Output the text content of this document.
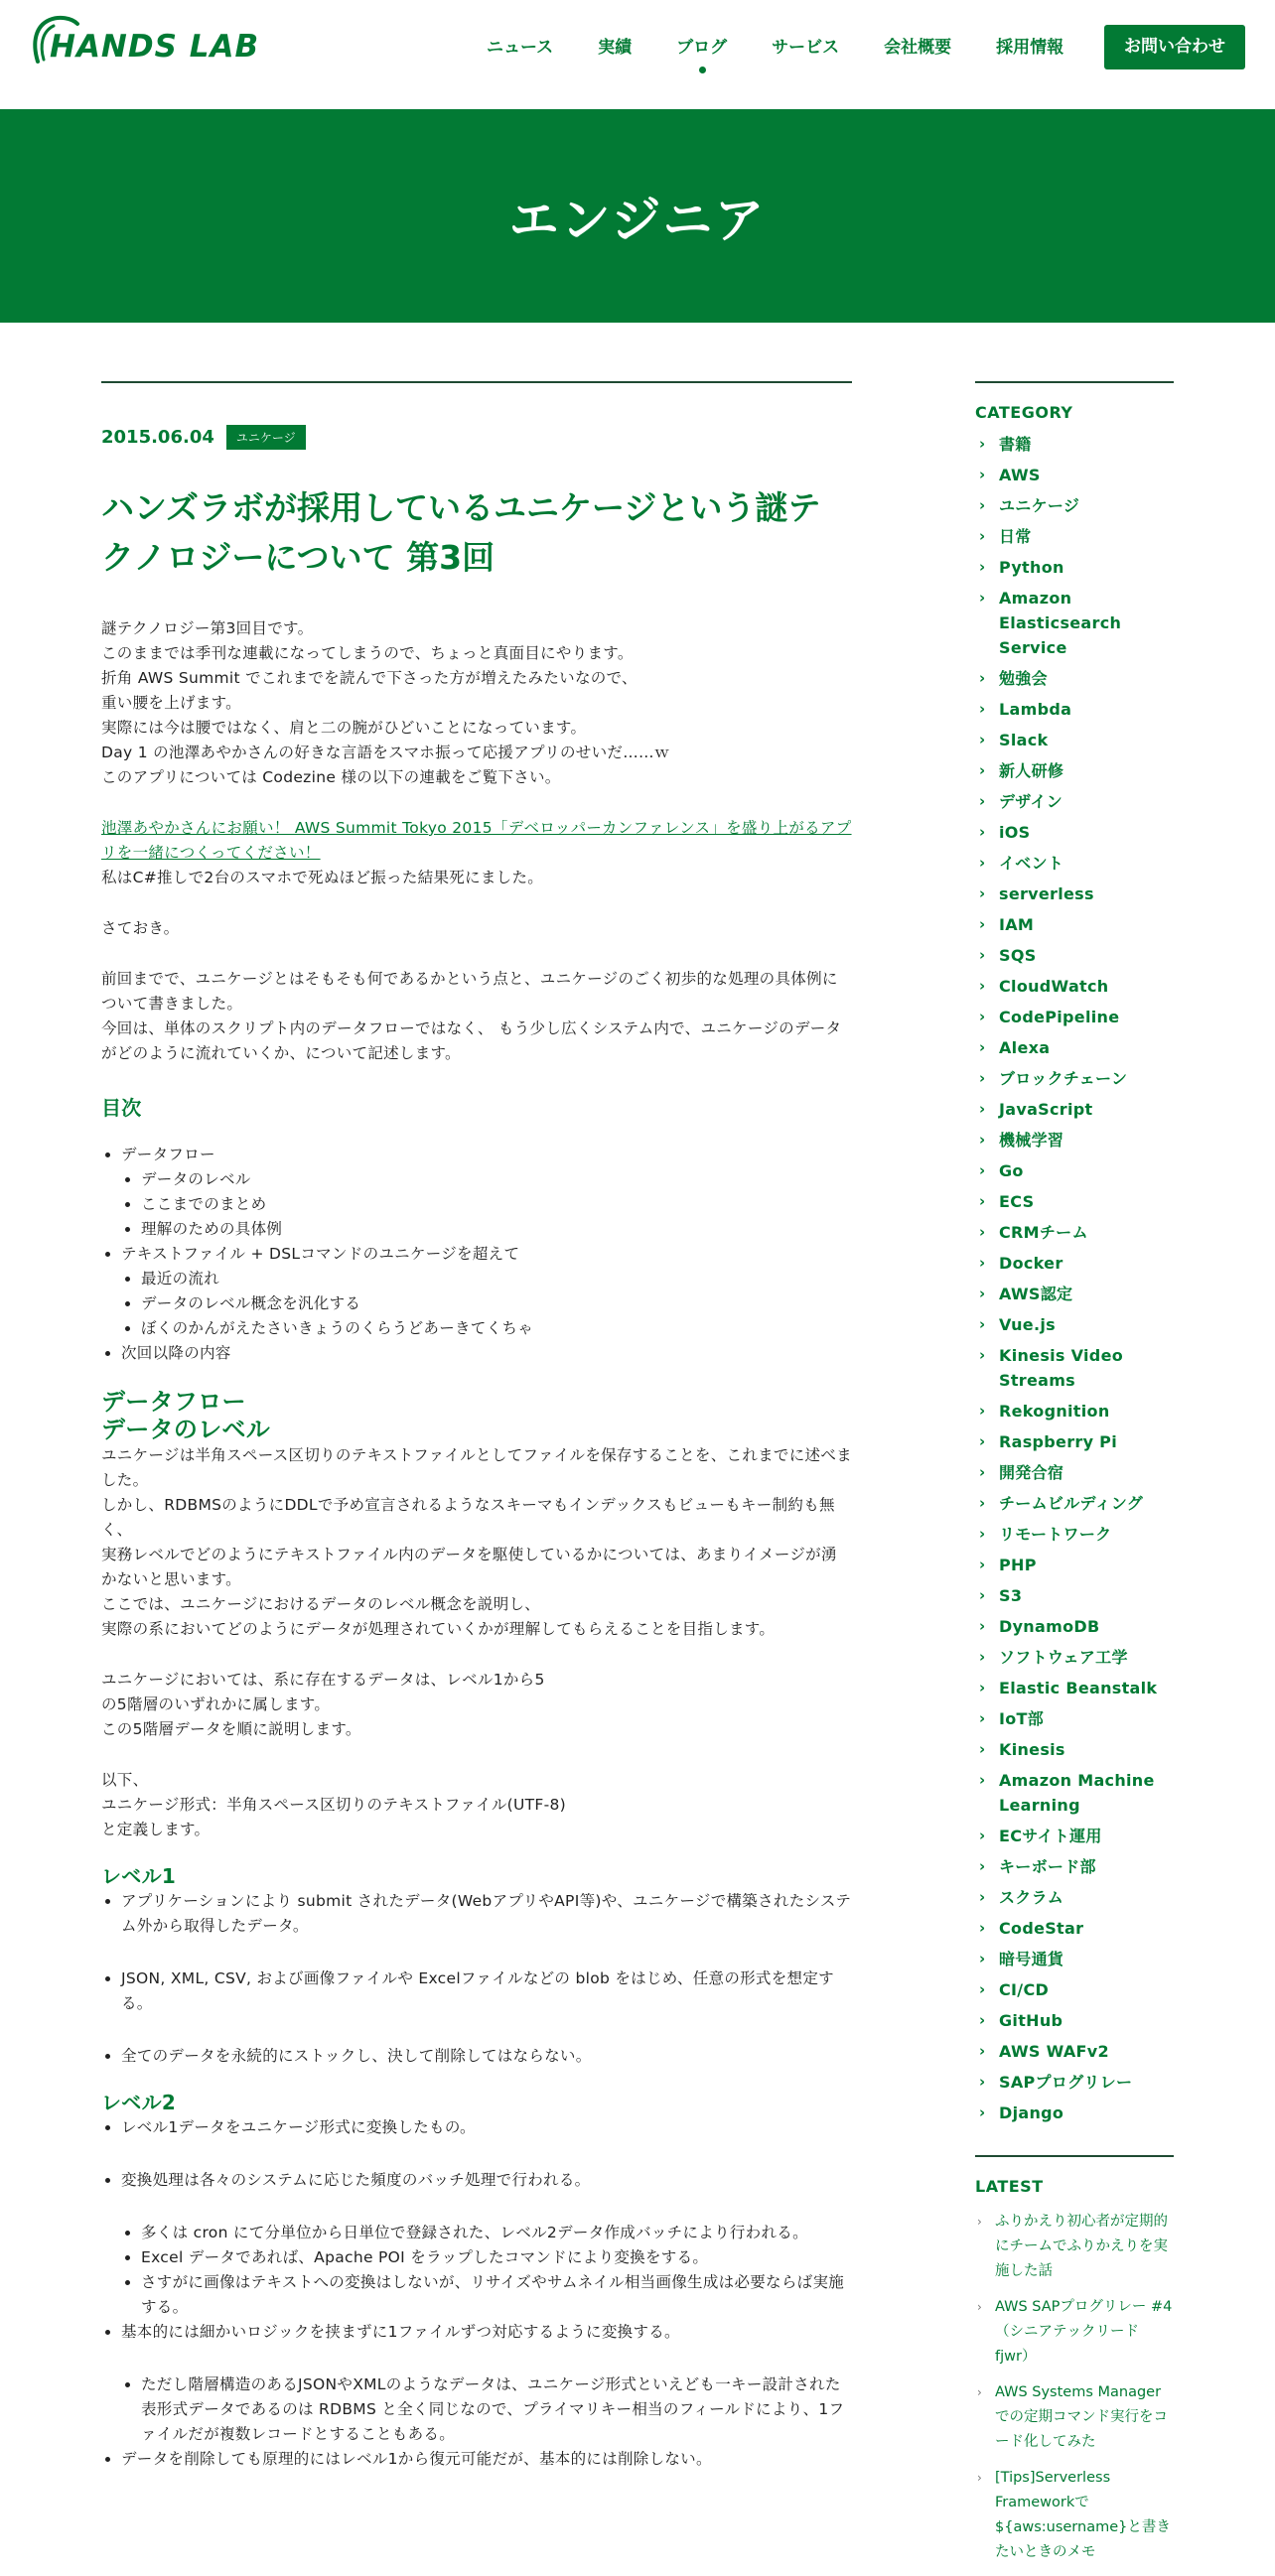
HANDS LAB	ニュース	実績	ブログ	サービス	会社概要	採用情報	お問い合わせ
エンジニア
2015.06.04	ユニケージ
ハンズラボが採用しているユニケージという謎テクノロジーについて 第3回
謎テクノロジー第3回目です。
このままでは季刊な連載になってしまうので、ちょっと真面目にやります。
折角 AWS Summit でこれまでを読んで下さった方が増えたみたいなので、
重い腰を上げます。
実際には今は腰ではなく、肩と二の腕がひどいことになっています。
Day 1 の池澤あやかさんの好きな言語をスマホ振って応援アプリのせいだ……ｗ
このアプリについては Codezine 様の以下の連載をご覧下さい。
池澤あやかさんにお願い！ AWS Summit Tokyo 2015「デベロッパーカンファレンス」を盛り上がるアプリを一緒につくってください！
私はC#推しで2台のスマホで死ぬほど振った結果死にました。
さておき。
前回までで、ユニケージとはそもそも何であるかという点と、ユニケージのごく初歩的な処理の具体例について書きました。
今回は、単体のスクリプト内のデータフローではなく、 もう少し広くシステム内で、ユニケージのデータがどのように流れていくか、について記述します。
目次
• データフロー
• データのレベル
• ここまでのまとめ
• 理解のための具体例
• テキストファイル + DSLコマンドのユニケージを超えて
• 最近の流れ
• データのレベル概念を汎化する
• ぼくのかんがえたさいきょうのくらうどあーきてくちゃ
• 次回以降の内容
データフロー
データのレベル
ユニケージは半角スペース区切りのテキストファイルとしてファイルを保存することを、これまでに述べました。
しかし、RDBMSのようにDDLで予め宣言されるようなスキーマもインデックスもビューもキー制約も無く、
実務レベルでどのようにテキストファイル内のデータを駆使しているかについては、あまりイメージが湧かないと思います。
ここでは、ユニケージにおけるデータのレベル概念を説明し、
実際の系においてどのようにデータが処理されていくかが理解してもらえることを目指します。
ユニケージにおいては、系に存在するデータは、レベル1から5
の5階層のいずれかに属します。
この5階層データを順に説明します。
以下、
ユニケージ形式：半角スペース区切りのテキストファイル(UTF-8)
と定義します。
レベル1
• アプリケーションにより submit されたデータ(WebアプリやAPI等)や、ユニケージで構築されたシステム外から取得したデータ。
• JSON, XML, CSV, および画像ファイルや Excelファイルなどの blob をはじめ、任意の形式を想定する。
• 全てのデータを永続的にストックし、決して削除してはならない。
レベル2
• レベル1データをユニケージ形式に変換したもの。
• 変換処理は各々のシステムに応じた頻度のバッチ処理で行われる。
• 多くは cron にて分単位から日単位で登録された、レベル2データ作成バッチにより行われる。
• Excel データであれば、Apache POI をラップしたコマンドにより変換をする。
• さすがに画像はテキストへの変換はしないが、リサイズやサムネイル相当画像生成は必要ならば実施する。
• 基本的には細かいロジックを挟まずに1ファイルずつ対応するように変換する。
• ただし階層構造のあるJSONやXMLのようなデータは、ユニケージ形式といえども一キー設計された表形式データであるのは RDBMS と全く同じなので、プライマリキー相当のフィールドにより、1ファイルだが複数レコードとすることもある。
• データを削除しても原理的にはレベル1から復元可能だが、基本的には削除しない。
CATEGORY
› 書籍
› AWS
› ユニケージ
› 日常
› Python
› Amazon Elasticsearch Service
› 勉強会
› Lambda
› Slack
› 新人研修
› デザイン
› iOS
› イベント
› serverless
› IAM
› SQS
› CloudWatch
› CodePipeline
› Alexa
› ブロックチェーン
› JavaScript
› 機械学習
› Go
› ECS
› CRMチーム
› Docker
› AWS認定
› Vue.js
› Kinesis Video Streams
› Rekognition
› Raspberry Pi
› 開発合宿
› チームビルディング
› リモートワーク
› PHP
› S3
› DynamoDB
› ソフトウェア工学
› Elastic Beanstalk
› IoT部
› Kinesis
› Amazon Machine Learning
› ECサイト運用
› キーボード部
› スクラム
› CodeStar
› 暗号通貨
› CI/CD
› GitHub
› AWS WAFv2
› SAPプログリレー
› Django
LATEST
› ふりかえり初心者が定期的にチームでふりかえりを実施した話
› AWS SAPプログリレー #4（シニアテックリード fjwr）
› AWS Systems Manager での定期コマンド実行をコード化してみた
› [Tips]Serverless Frameworkで ${aws:username}と書きたいときのメモ
